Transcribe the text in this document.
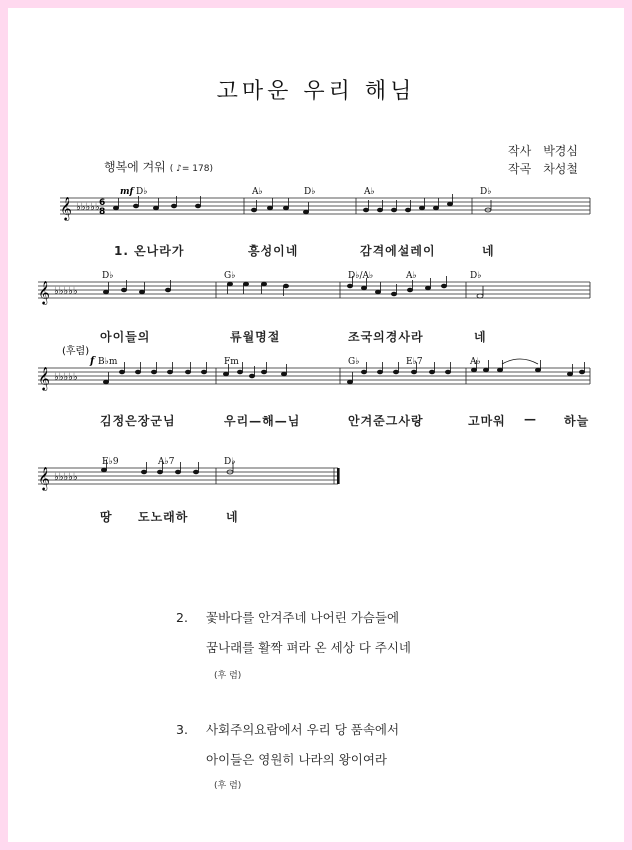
고마운 우리 해님
작사 박경심
작곡 차성철
행복에 겨워 ( ♪= 178)
𝄞 ♭♭♭♭♭ 6
8
mf D♭	A♭	D♭	A♭	D♭
1. 온나라가	흥성이네	감격에설레이	네
𝄞 ♭♭♭♭♭
D♭	G♭	D♭/A♭	A♭	D♭
아이들의	류월명절	조국의경사라	네
(후렴)
𝄞 ♭♭♭♭♭
f B♭m	Fm	G♭	E♭7	A♭
김정은장군님	우리—해—님	안겨준그사랑	고마워 — 하늘
𝄞 ♭♭♭♭♭
E♭9	A♭7	D♭
땅 도노래하	네
2. 꽃바다를 안겨주네 나어린 가슴들에
꿈나래를 활짝 펴라 온 세상 다 주시네
(후 렴)
3. 사회주의요람에서 우리 당 품속에서
아이들은 영원히 나라의 왕이여라
(후 렴)
